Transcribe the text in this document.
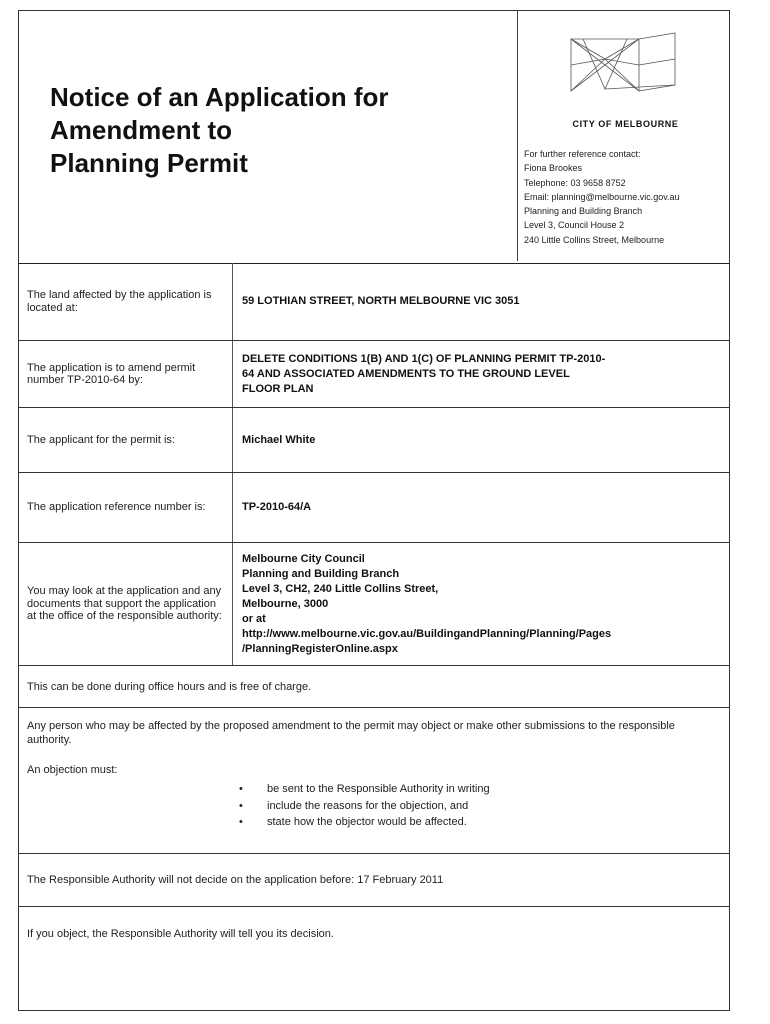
Notice of an Application for
Amendment to
Planning Permit
CITY OF MELBOURNE
For further reference contact:
Fiona Brookes
Telephone: 03 9658 8752
Email: planning@melbourne.vic.gov.au
Planning and Building Branch
Level 3, Council House 2
240 Little Collins Street, Melbourne
The land affected by the application is located at:
59 LOTHIAN STREET, NORTH MELBOURNE VIC 3051
The application is to amend permit number TP-2010-64 by:
DELETE CONDITIONS 1(B) AND 1(C) OF PLANNING PERMIT TP-2010-
64 AND ASSOCIATED AMENDMENTS TO THE GROUND LEVEL
FLOOR PLAN
The applicant for the permit is:	Michael White
The application reference number is:	TP-2010-64/A
You may look at the application and any documents that support the application at the office of the responsible authority:
Melbourne City Council
Planning and Building Branch
Level 3, CH2, 240 Little Collins Street,
Melbourne, 3000
or at
http://www.melbourne.vic.gov.au/BuildingandPlanning/Planning/Pages
/PlanningRegisterOnline.aspx
This can be done during office hours and is free of charge.
Any person who may be affected by the proposed amendment to the permit may object or make other submissions to the responsible authority.
An objection must:
• be sent to the Responsible Authority in writing
• include the reasons for the objection, and
• state how the objector would be affected.
The Responsible Authority will not decide on the application before: 17 February 2011
If you object, the Responsible Authority will tell you its decision.
